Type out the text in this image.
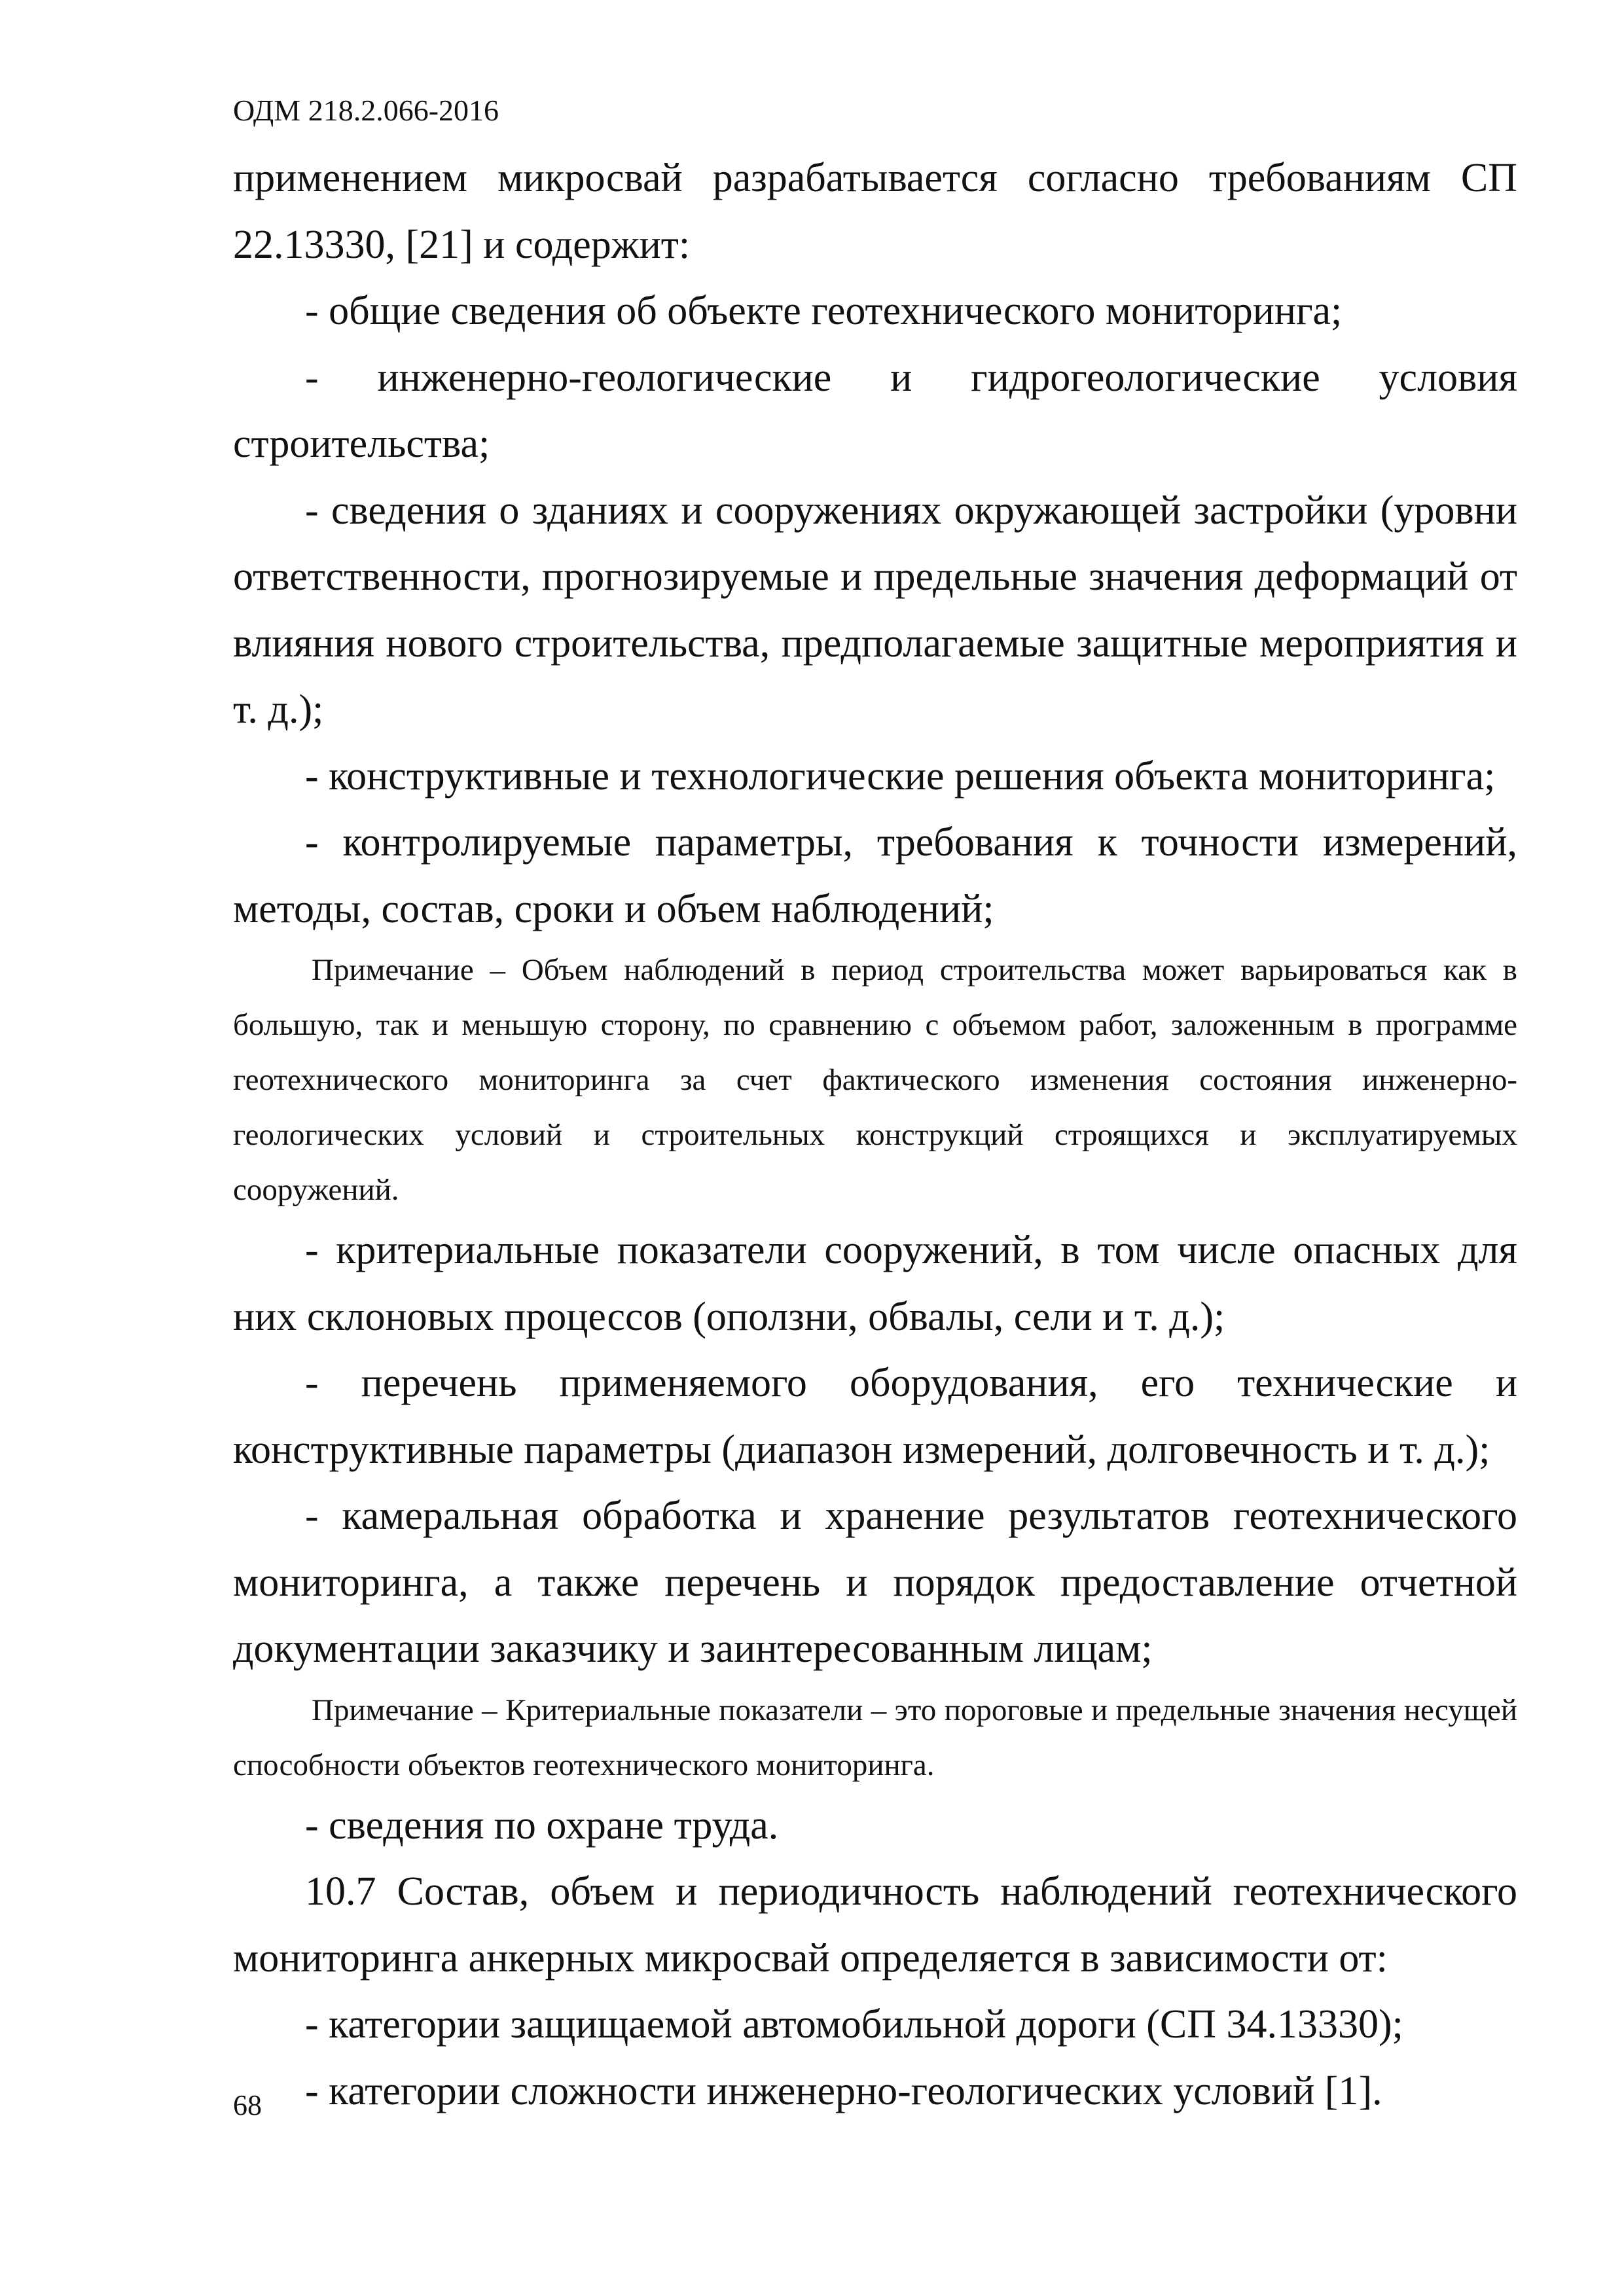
ОДМ 218.2.066-2016

применением микросвай разрабатывается согласно требованиям СП 22.13330, [21] и содержит:

- общие сведения об объекте геотехнического мониторинга;

- инженерно-геологические и гидрогеологические условия строительства;

- сведения о зданиях и сооружениях окружающей застройки (уровни ответственности, прогнозируемые и предельные значения деформаций от влияния нового строительства, предполагаемые защитные мероприятия и т. д.);

- конструктивные и технологические решения объекта мониторинга;

- контролируемые параметры, требования к точности измерений, методы, состав, сроки и объем наблюдений;

Примечание – Объем наблюдений в период строительства может варьироваться как в большую, так и меньшую сторону, по сравнению с объемом работ, заложенным в программе геотехнического мониторинга за счет фактического изменения состояния инженерно-геологических условий и строительных конструкций строящихся и эксплуатируемых сооружений.

- критериальные показатели сооружений, в том числе опасных для них склоновых процессов (оползни, обвалы, сели и т. д.);

- перечень применяемого оборудования, его технические и конструктивные параметры (диапазон измерений, долговечность и т. д.);

- камеральная обработка и хранение результатов геотехнического мониторинга, а также перечень и порядок предоставление отчетной документации заказчику и заинтересованным лицам;

Примечание – Критериальные показатели – это пороговые и предельные значения несущей способности объектов геотехнического мониторинга.

- сведения по охране труда.

10.7 Состав, объем и периодичность наблюдений геотехнического мониторинга анкерных микросвай определяется в зависимости от:

- категории защищаемой автомобильной дороги (СП 34.13330);

- категории сложности инженерно-геологических условий [1].

68
